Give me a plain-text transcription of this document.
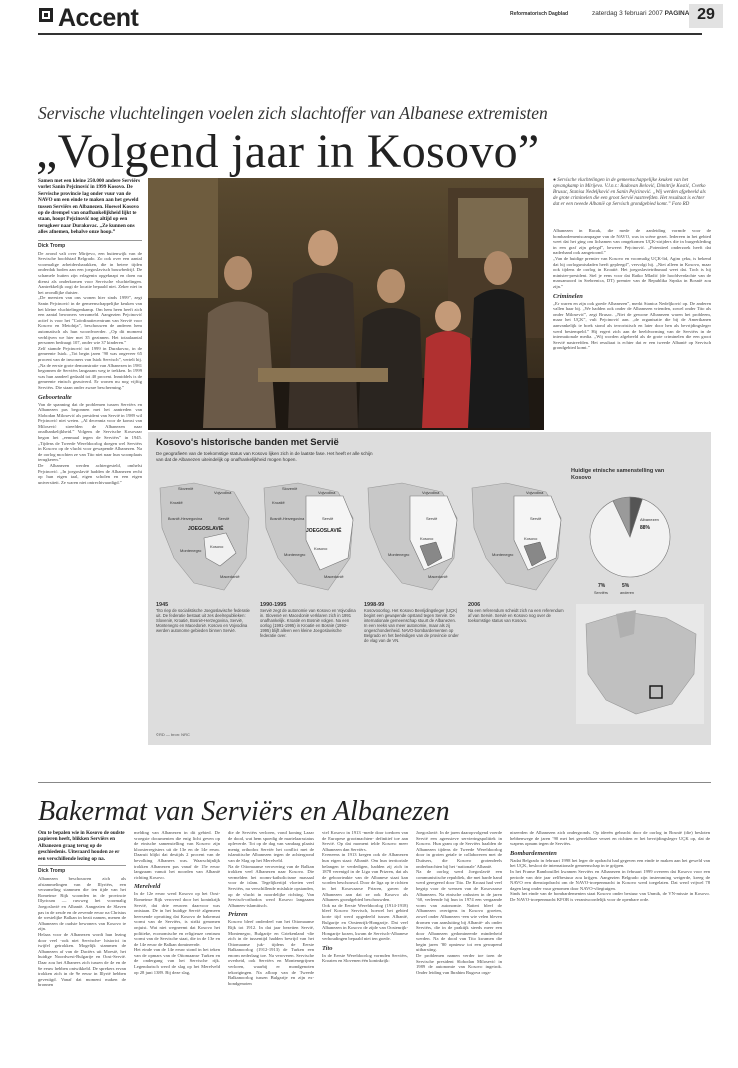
Accent	Reformatorisch Dagblad	zaterdag 3 februari 2007 PAGINA 29
Servische vluchtelingen voelen zich slachtoffer van Albanese extremisten
„Volgend jaar in Kosovo”
Samen met een kleine 250.000 andere Serviërs vorlet Sanin Pejcinović in 1999 Kosovo. De Servische provincie lag onder vuur van de NAVO om een einde te maken aan het geweld tussen Serviërs en Albanezen. Hoewel Kosovo op de drempel van onafhankelijkheid lijkt te staan, hoopt Pejcinović nog altijd op een terugkeer naar Durakovac. „Ze kunnen ons alles afnemen, behalve onze hoop.”
Dick Tromp
De avond valt over Mirijevo, een buitenwijk van de Servische hoofdstad Belgrado. Zo ook over een aantal voormalige arbeidersbarakken, die in betere tijden onderdak boden aan een joegoslavisch bouwbedrijf. De schamele hutten zijn erlagenin opgeknapt en doen nu dienst als onderkomen voor Servische vluchtelingen. Aantrekkelijk oogt de locatie bepaald niet. Zeker niet in het avondlijke duister.
„De meesten van ons wonen hier sinds 1999”, zegt Sanin Pejcinović in de gemeenschappelijke keuken van het kleine vluchtelingenkamp. Om hem heen heeft zich een aantal bewoners verzameld. Aangezien Pejcinović actief is voor het ”Coördinatiecentrum van Servië voor Kosovo en Metohija”, beschouwen de anderen hem automatisch als hun woordvoerder. „Op dit moment verblijven we hier met 35 gezinnen. Het totaalaantal personen bedraagt 107, onder wie 37 kinderen.”
Zelf stamde Pejcinović tot 1999 in Durakovac, in de gemeente Istok. „Tot begin jaren ’90 was ongeveer 65 procent van de inwoners van Istok Servisch”, vertelt hij. „Na de eerste grote demonstratie van Albanezen in 1981 begonnen de Serviërs langzaam weg te trekken. In 1999 was hun aandeel gedaald tot 40 procent. Inmiddels is de gemeente etnisch gezuiverd. Er wonen nu nog vijftig Serviërs. Die staan onder zware bescherming.”
Geboortealte
Van de spanning dat de problemen tussen Serviërs en Albanezen pas begonnen met het aantreden van Slobodan Milosević als president van Servië in 1989 wil Pejcinović niet weten. „Al decennia voor de komst van Milosević streefden de Albanezen naar onafhankelijkheid.” Volgens de Servische Kosovaar begon het „eenmaal tegen de Serviërs” in 1945. „Tijdens de Tweede Wereldoorlog doegen wel Serviërs in Kosovo op de vlucht voor gewapende Albanezen. Na de oorlog mochten ze van Tito niet naar hun woonplaats terugkeren.”
De Albanezen werden achtergesteld, omhelst Pejcinović. „In joegoslavië hadden de Albanezen recht op hun eigen taal, eigen scholen en een eigen universiteit. Ze waren niet ontrechtvaardigd.”
● Servische vluchtelingen in de gemeenschappelijke keuken van het opvangkamp in Mirijevo. V.l.n.r.: Radovan Belović, Dimitrije Kostić, Cvetko Brusac, Stanisa Nedeljković en Sanin Pejcinović. „Wij werden afgebeeld als de grote criminelen die een groot Servië nastreefden. Het resultaat is echter dat er een tweede Albanië op Servisch grondgebied komt.” Foto RD
Albanezen in Racak, die mede de aanleiding vormde voor de bombardementscampagne van de NAVO, was in scène gezet. Iedereen in het gebied weet dat het ging om lichamen van omgekomen UÇK-strijders die in burgerkleding in een graf zijn gelegd”, beweert Pejcinović. „Potentieel onderzoek heeft dat naderhand ook aangetoond.”
„Van de huidige premier van Kosovo en voormalig UÇK-lid, Agim çeku, is bekend dat hij oorlogsmisdaden heeft gepleegd”, vervolgt hij. „Niet alleen in Kosovo, maar ook tijdens de oorlog in Kroatië. Het joegoslavietribunaal weet dat. Toch is hij minister-president. Stel je eens voor dat Ratko Mladić (de hoofdverdachte van de massamoord in Srebrenica, DT) premier van de Republika Srpska in Bosnië zou zijn.”
Criminelen
„Er waren en zijn ook goede Albanezen”, merkt Stanica Nedeljković op. De anderen vallen haar bij. „We hadden ook onder de Albanezen vrienden, zowel onder Tito als onder Milosević”, zegt Brusac. „Niet de gewone Albanezen waren het probleem, maar het UÇK”, vult Pejcinović aan. „de organisatie die bij de Amerikanen aanvankelijk te boek stond als terroristisch en later door hen als bevrijdingsleger werd bestempeld.” Hij ergert zich aan de beeldvorming van de Serviërs in de internationale media. „Wij worden afgebeeld als de grote criminelen die een groot Servië nastreefden. Het resultaat is echter dat er een tweede Albanië op Servisch grondgebied komt.”
Kosovo's historische banden met Servië
De geografieën van de toekomstige status van Kosovo lijken zich in de laatste fase. Het heeft er alle schijn van dat de Albanezen uiteindelijk op onafhankelijkheid mogen hopen.
Slovenië
Kroatië
Vojvodina
Bosnië-Herzegovina	Servië
JOEGOSLAVIË
Montenegro
Kosovo
Macedonië
Slovenië
Kroatië
Vojvodina
Bosnië-Herzegovina	Servië
JOEGOSLAVIË
Montenegro
Kosovo
Macedonië
Vojvodina
Servië
Montenegro
Kosovo
Macedonië
Vojvodina
Servië
Montenegro
Kosovo
1945
Tito riep de socialistische Joegoslavische federatie uit. De federatie bestaat uit zes deelrepublieken: Slovenië, Kroatië, Bosnië-Herzegovina, Servië, Montenegro en Macedonië. Kosovo en Vojvodina werden autonome gebieden binnen Servië.
1990-1995
Servië zegt de autonomie van Kosovo en Vojvodina in. Slovenië en Macedonië verklaren zich in 1991 onafhankelijk. Kroatië en Bosnië volgen. Na een oorlog (1991-1995) in Kroatië en Bosnië (1992-1995) blijft alleen een kleine Joegoslavische federatie over.
1998-99
Kosovooorlog. Het Kosovo Bevrijdingsleger (UÇK) begint een gewapende opstand tegen Servië. De internationale gemeenschap stuurt de Albanezen. In een reeks van meer autonomie, maar als zij ongeschondenheid. NAVO-bombardementen op Belgrado en het beëindigen van de provincie onder de vlag van de VN.
2006
Na een referendum scheidt zich na een referendum af van Servië. Servië en Kosovo nog over de toekomstige status van Kosovo.
Huidige etnische samenstelling van Kosovo
Albanezen
88%
7%	5%
Serviërs	anderen
©RD — bron: NRC
Bakermat van Serviërs en Albanezen
Om te bepalen wie in Kosovo de oudste papieren heeft, blikken Serviërs en Albanezen graag terug op de geschiedenis. Uiteraard houden ze er een verschillende lezing op na.
Dick Tromp
Albanezen beschouwen zich als afstammelingen van de Illyriërs, een verzameling stammen die ten tijde van het Romeinse Rijk woonden in de provincie Illyricum — ruwweg het voormalig Joegoslavië en Albanië. Aangezien de Slaven pas in de zesde en de zevende eeuw na Christus de westelijke Balkan in bezit namen, menen de Albanezen de oudste bewoners van Kosovo te zijn.
Helaas voor de Albanezen wordt hun lezing door veel -ook niet Servische- historici in twijfel getrokken. Mogelijk stammen de Albanezen af van de Daciërs uit Moesië, het huidige Noordwest-Bulgarije en Oost-Servië. Daar zou het Albanees zich tussen de 4e en de 6e eeuw hebben ontwikkeld. De sprekers ervan trokken zich in de 9e eeuw in Illyrië hebben gevestigd. Vanaf dat moment maken de bronnen
melding van Albanezen in dit gebied. De vroegste documenten die enig licht geven op de etnische samenstelling van Kosovo zijn kloosterregisters uit de 13e en de 14e eeuw. Daaruit blijkt dat destijds 2 procent van de bevolking Albanees was. Waarschijnlijk trokken Albanezen pas vanaf de 15e eeuw langzaam vanuit het noorden van Albanië richting Kosovo.
Merelveld
In de 12e eeuw werd Kosovo op het Oost-Romeinse Rijk veroverd door het koninkrijk Servië, dat drie eeuwen daarvoor was ontstaan. De in het huidige Servië algemeen heersende opvatting dat Kosovo de bakermat vormt van de Serviërs, is strikt genomen onjuist. Wat niet wegneemt dat Kosovo het politieke, economische en religieuze centrum vormt van de Servische staat, die in de 13e en de 14e eeuw de Balkan domineerde.
Het einde van de 14e eeuw stond in het teken van de opmars van de Ottomaanse Turken en de ondergang van het Servische rijk. Legendarisch werd de slag op het Merelveld op 28 juni 1389. Bij deze slag,
die de Serviërs verloren, vond koning Lazar de dood, wat hem spoedig de martelaarsstatus opleverde. Tot op de dag van vandaag plaatst menig orthodox Serviër het conflict met de islamitische Albanezen tegen de achtergrond van de Slag op het Merelveld.
Na de Ottomaanse verovering van de Balkan trokken veel Albanezen naar Kosovo. Die vermelden het rooms-katholicisme massaal voor de islam. Tegelijkertijd vloeien veel Serviërs, na verschillende mislukte opstanden, op de vlucht in noordelijke richting. Van Servisch-orthodox werd Kosovo langzaam Albanees-islamitisch.
Prizren
Kosovo bleef onderdeel van het Ottomaanse Rijk tot 1912. In dat jaar bezetten Servië, Montenegro, Bulgarije en Griekenland -die zich in de tussentijd hadden bevrijd van het Ottomaanse juk- tijdens de Eerste Balkanoorlog (1912-1913) de Turken een enorm nederlaag toe. Na veroveren. Servische overheid, ook Serviërs en Montenegrijnen verloren, waarbij er mondgenoten tekortgingen. Na afloop van de Tweede Balkanoorlog tussen Bulgarije en zijn ex-bondgenoten
viel Kosovo in 1913 -mede door toedoen van de Europese grootmachten- definitief toe aan Servië. Op dat moment telde Kosovo meer Albanezen dan Serviërs.
Eveneens in 1913 kregen ook de Albanezen hun eigen staat: Albanië. Om hun territoriale belangen te verdedigen, hadden zij zich in 1878 verenigd in de Liga van Prizren, dat als de geboorteakte van de Albanese staat kan worden beschouwd. Door de liga op te richten in het Kosovaarse Prizren, gaven de Albanezen aan dat ze ook Kosovo als Albanees grondgebied beschouwden.
Ook na de Eerste Wereldoorlog (1914-1918) bleef Kosovo Servisch, hoewel het gebied korte tijd werd opgedeeld tussen Albanië, Bulgarije en Oostenrijk-Hongarije. Dat veel Albanezen in Kosovo de zijde van Oostenrijk-Hongarije kozen, kwam de Servisch-Albanese verhoudingen bepaald niet ten goede.
Tito
In de Eerste Wereldoorlog vormden Serviërs, Kroaten en Slovenen één koninkrijk:
Joegoslavië. In de jaren daaropvolgend voerde Servië een agressieve servieringspolitiek in Kosovo. Hun gram op de Serviërs haalden de Albanezen tijdens de Tweede Wereldoorlog door in groten getale te collaboreren met de Duitsers, die Kosovo grotendeels onderbrachten bij het ‘nationale’ Albanië.
Na de oorlog werd Joegoslavië een communistische republiek, die met harde hand werd geregeerd door Tito. De Kroaat had veel begrip voor de wensen van de Kosovaarse Albanezen. Na etnische onlusten in de jaren ’60, verleende hij hun in 1974 een vergaande vorm van autonomie. Natteri bleef de Albanezen overigens in Kosovo groeien, zowel onder Albanezen -een wie velen bleven dromen van aansluiting bij Albanië- als onder Serviërs, die in de praktijk steeds meer een door Albanezen gedomineerde minderheid werden. Na de dood van Tito kwamen die begin jaren ’80 opnieuw tot een gewapend uitbarsting.
De problemen namen verder toe toen de Servische president Slobodan Milosević in 1989 de autonomie van Kosovo ingetrok. Onder leiding van Ibrahim Rugova orga-
niseerden de Albanezen zich ondergronds. Op ideeën gebracht door de oorlog in Bosnië (die) besloten hebbenwege de jaren ’90 met het geweldloze verzet en richtten er het bevrijdingsleger UÇK op, dat de wapens opnam tegen de Serviërs.
Bombardementen
Nadat Belgrado in februari 1998 het leger de opdracht had gegeven een einde te maken aan het geweld van het UÇK, besloot de internationale gemeenschap in te grijpen.
In het Franse Rambouillet kwamen Serviërs en Albanezen in februari 1999 overeen dat Kosovo voor een periode van drie jaar zelfbestuur zou krijgen. Aangezien Belgrado zijn instemming weigerde, kreeg de NAVO een dienstopdracht om de NAVO-troepenmacht in Kosovo werd toegelaten. Dat werd vrijwel 78 dagen lang onder vuur genomen door NAVO-vliegtuigen.
Sinds het einde van de bombardementen staat Kosovo onder bestuur van Unmik, de VN-missie in Kosovo. De NAVO-troepenmacht KFOR is verantwoordelijk voor de openbare orde.
